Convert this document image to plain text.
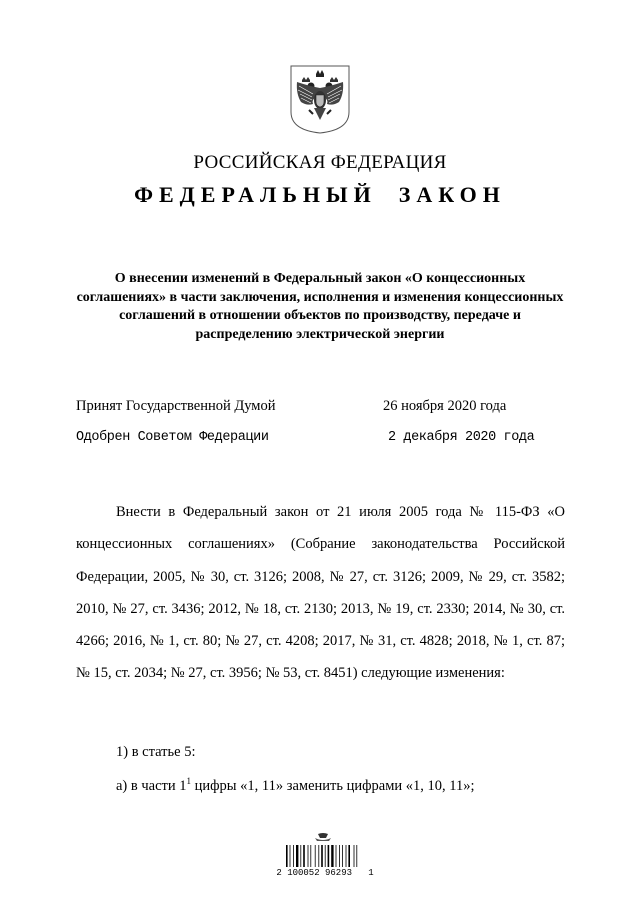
РОССИЙСКАЯ ФЕДЕРАЦИЯ
ФЕДЕРАЛЬНЫЙ ЗАКОН
О внесении изменений в Федеральный закон «О концессионных соглашениях» в части заключения, исполнения и изменения концессионных соглашений в отношении объектов по производству, передаче и распределению электрической энергии
Принят Государственной Думой	26 ноября 2020 года
Одобрен Советом Федерации	2 декабря 2020 года
Внести в Федеральный закон от 21 июля 2005 года № 115-ФЗ «О концессионных соглашениях» (Собрание законодательства Российской Федерации, 2005, № 30, ст. 3126; 2008, № 27, ст. 3126; 2009, № 29, ст. 3582; 2010, № 27, ст. 3436; 2012, № 18, ст. 2130; 2013, № 19, ст. 2330; 2014, № 30, ст. 4266; 2016, № 1, ст. 80; № 27, ст. 4208; 2017, № 31, ст. 4828; 2018, № 1, ст. 87; № 15, ст. 2034; № 27, ст. 3956; № 53, ст. 8451) следующие изменения:
1) в статье 5:
а) в части $1^1$ цифры «1, 11» заменить цифрами «1, 10, 11»;
2 100052 96293   1
